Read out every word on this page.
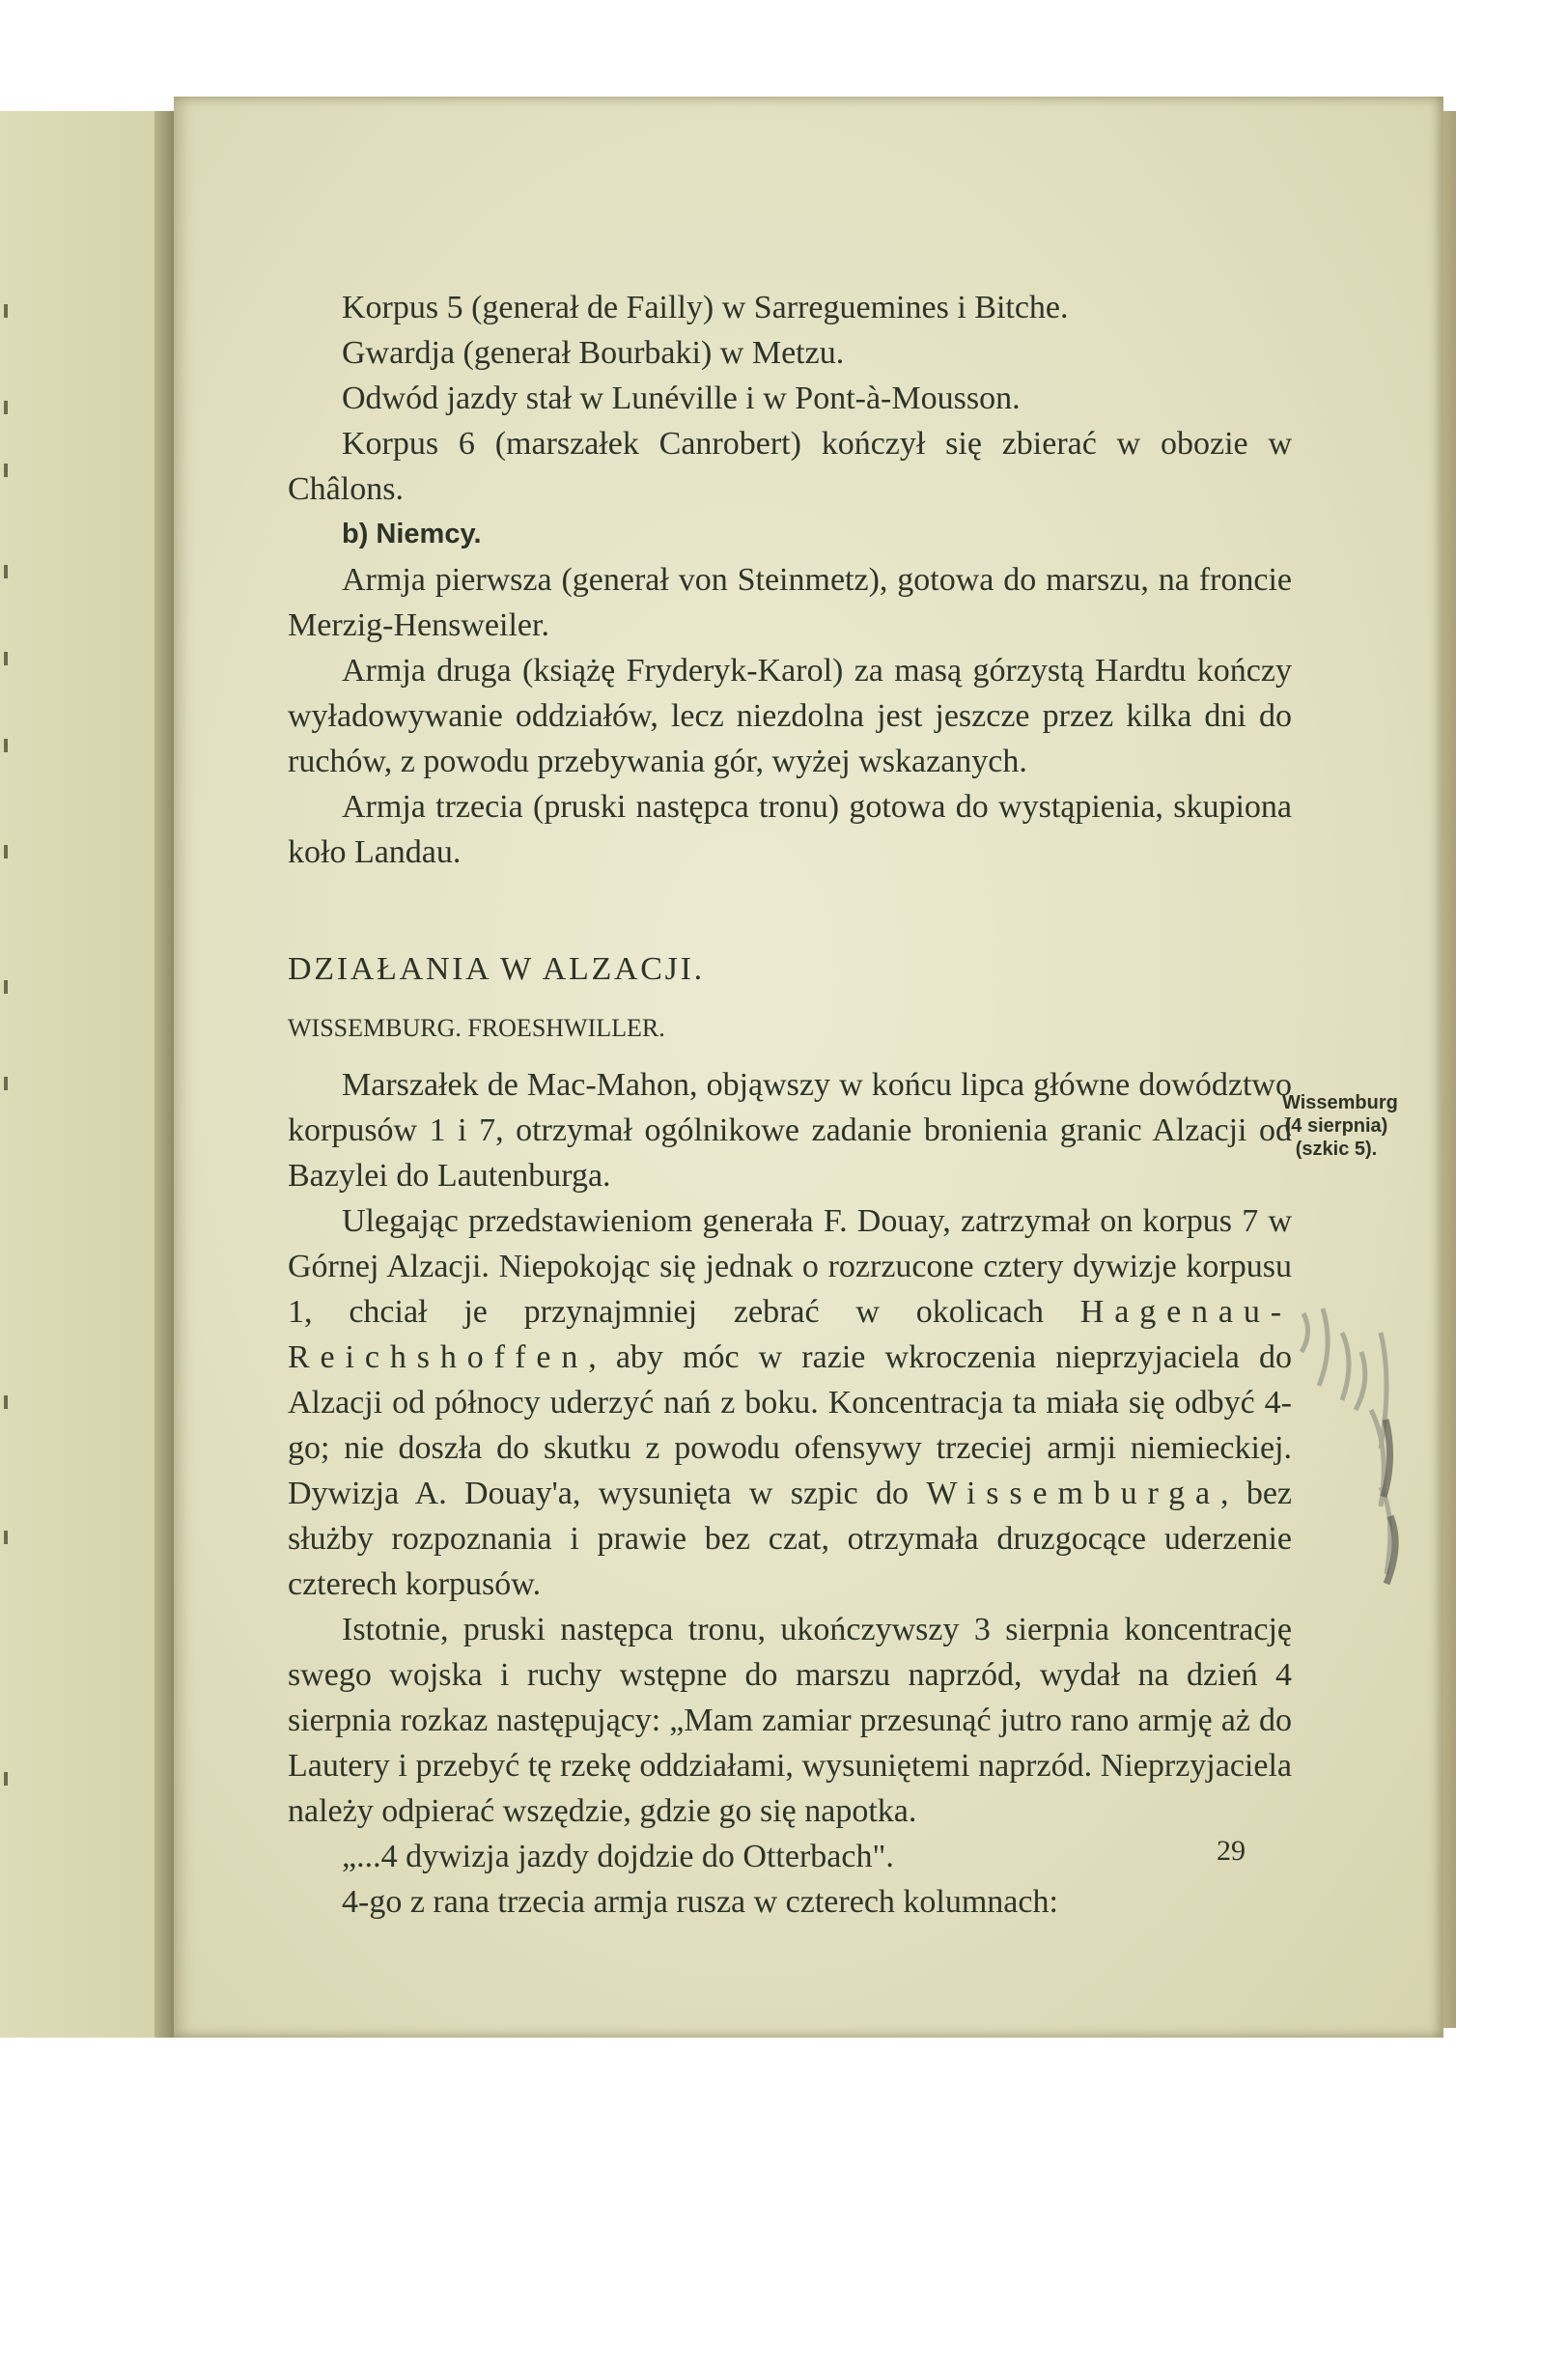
Korpus 5 (generał de Failly) w Sarreguemines i Bitche.

Gwardja (generał Bourbaki) w Metzu.

Odwód jazdy stał w Lunéville i w Pont-à-Mousson.

Korpus 6 (marszałek Canrobert) kończył się zbierać w obozie w Châlons.

b) Niemcy.

Armja pierwsza (generał von Steinmetz), gotowa do marszu, na froncie Merzig-Hensweiler.

Armja druga (książę Fryderyk-Karol) za masą górzystą Hardtu kończy wyładowywanie oddziałów, lecz niezdolna jest jeszcze przez kilka dni do ruchów, z powodu przebywania gór, wyżej wskazanych.

Armja trzecia (pruski następca tronu) gotowa do wystąpienia, skupiona koło Landau.

DZIAŁANIA W ALZACJI.

WISSEMBURG. FROESHWILLER.

Marszałek de Mac-Mahon, objąwszy w końcu lipca główne dowództwo korpusów 1 i 7, otrzymał ogólnikowe zadanie bronienia granic Alzacji od Bazylei do Lautenburga.

Ulegając przedstawieniom generała F. Douay, zatrzymał on korpus 7 w Górnej Alzacji. Niepokojąc się jednak o rozrzucone cztery dywizje korpusu 1, chciał je przynajmniej zebrać w okolicach Hagenau-Reichshoffen, aby móc w razie wkroczenia nieprzyjaciela do Alzacji od północy uderzyć nań z boku. Koncentracja ta miała się odbyć 4-go; nie doszła do skutku z powodu ofensywy trzeciej armji niemieckiej. Dywizja A. Douay'a, wysunięta w szpic do Wissemburga, bez służby rozpoznania i prawie bez czat, otrzymała druzgocące uderzenie czterech korpusów.

Istotnie, pruski następca tronu, ukończywszy 3 sierpnia koncentrację swego wojska i ruchy wstępne do marszu naprzód, wydał na dzień 4 sierpnia rozkaz następujący: „Mam zamiar przesunąć jutro rano armję aż do Lautery i przebyć tę rzekę oddziałami, wysuniętemi naprzód. Nieprzyjaciela należy odpierać wszędzie, gdzie go się napotka.

„...4 dywizja jazdy dojdzie do Otterbach".

4-go z rana trzecia armja rusza w czterech kolumnach:

Wissemburg (4 sierpnia) (szkic 5).
29
